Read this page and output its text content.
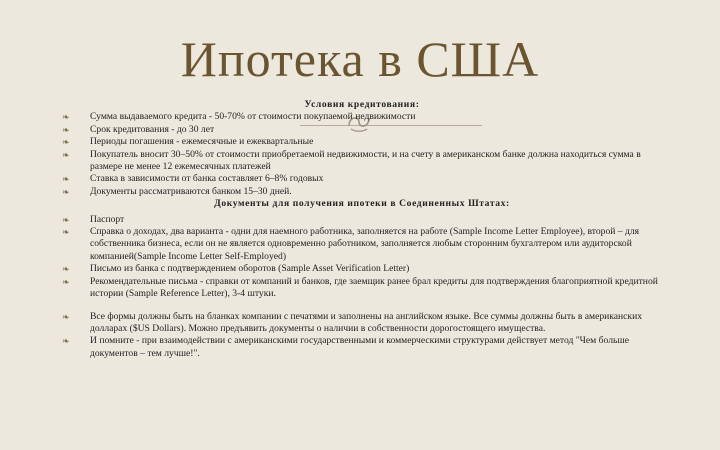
Ипотека в США
Условия кредитования:
❧	Сумма выдаваемого кредита - 50-70% от стоимости покупаемой недвижимости
❧	Срок кредитования - до 30 лет
❧	Периоды погашения - ежемесячные и ежеквартальные
❧	Покупатель вносит 30–50% от стоимости приобретаемой недвижимости, и на счету в американском банке должна находиться сумма в размере не менее 12 ежемесячных платежей
❧	Ставка в зависимости от банка составляет 6–8% годовых
❧	Документы рассматриваются банком 15–30 дней.
Документы для получения ипотеки в Соединенных Штатах:
❧	Паспорт
❧	Справка о доходах, два варианта - одни для наемного работника, заполняется на работе (Sample Income Letter Employee), второй – для собственника бизнеса, если он не является одновременно работником, заполняется любым сторонним бухгалтером или аудиторской компанией(Sample Income Letter Self-Employed)
❧	Письмо из банка с подтверждением оборотов (Sample Asset Verification Letter)
❧	Рекомендательные письма - справки от компаний и банков, где заемщик ранее брал кредиты для подтверждения благоприятной кредитной истории (Sample Reference Letter), 3-4 штуки.
❧	Все формы должны быть на бланках компании с печатями и заполнены на английском языке. Все суммы должны быть в американских долларах ($US Dollars). Можно предъявить документы о наличии в собственности дорогостоящего имущества.
❧	И помните - при взаимодействии с американскими государственными и коммерческими структурами действует метод "Чем больше документов – тем лучше!".
